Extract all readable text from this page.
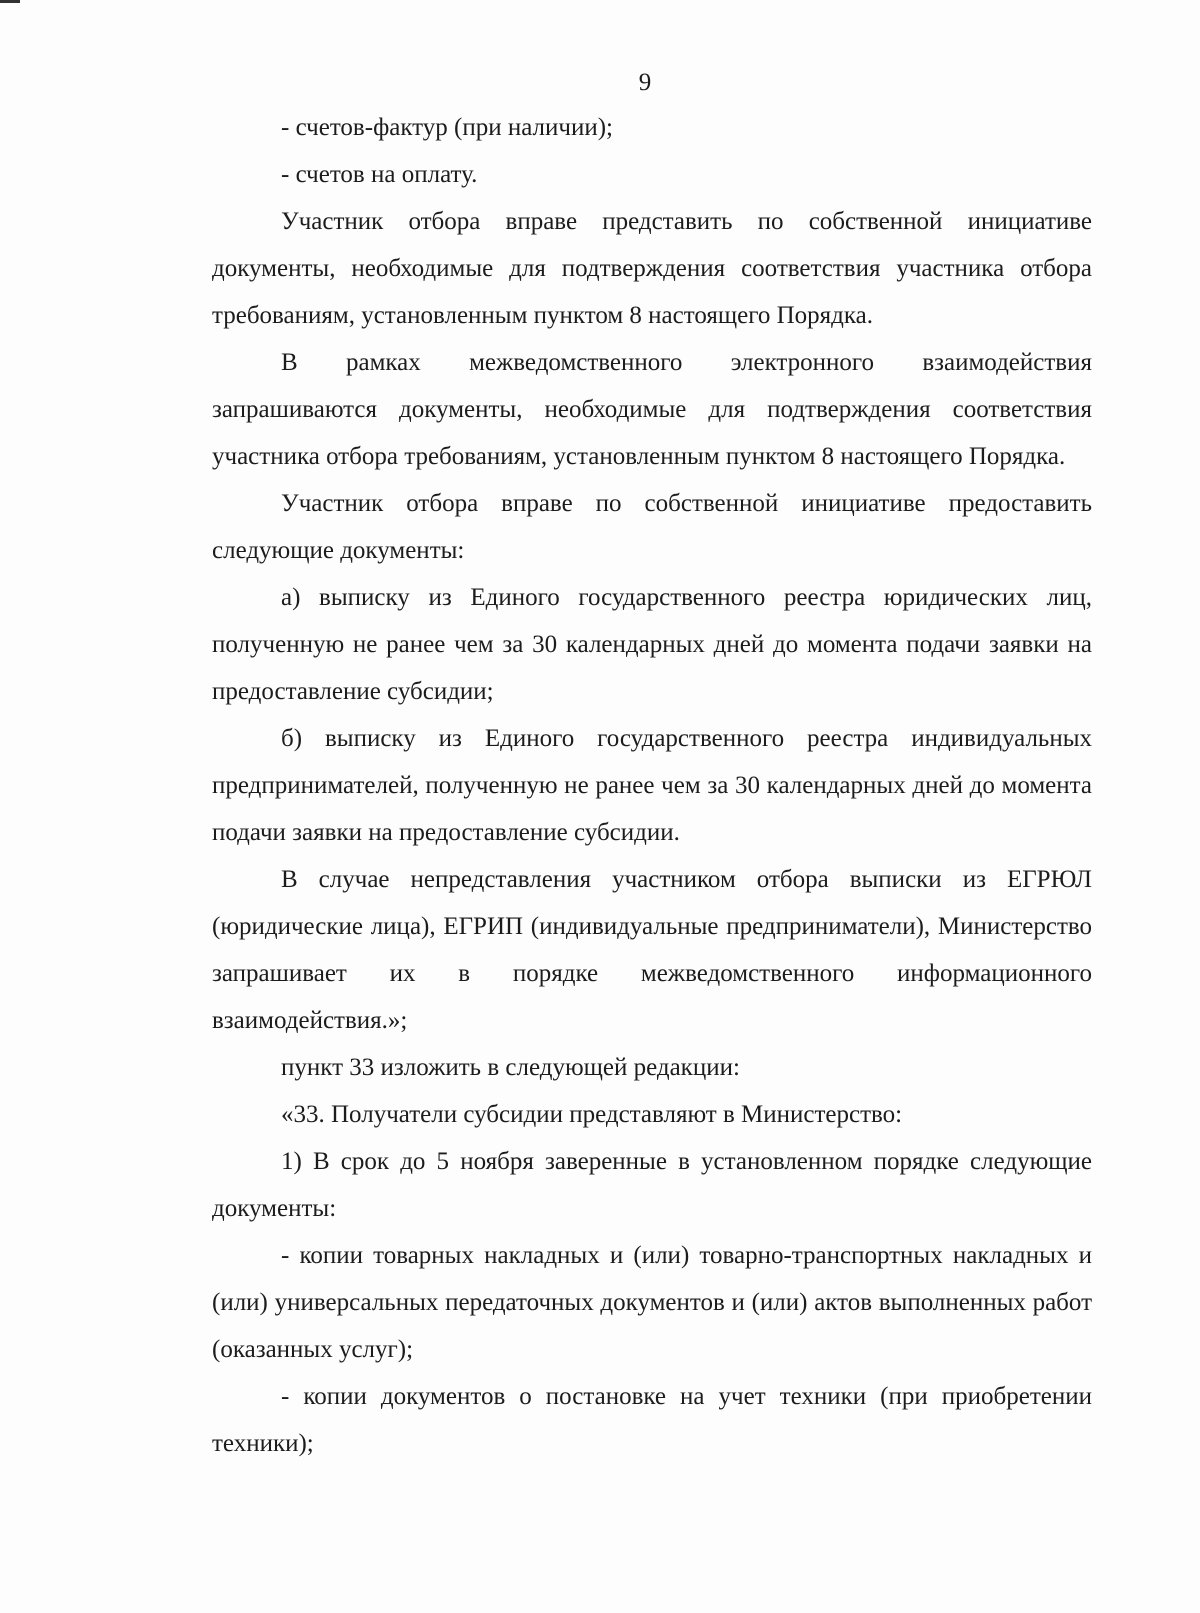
9

- счетов-фактур (при наличии);

- счетов на оплату.

Участник отбора вправе представить по собственной инициативе документы, необходимые для подтверждения соответствия участника отбора требованиям, установленным пунктом 8 настоящего Порядка.

В рамках межведомственного электронного взаимодействия запрашиваются документы, необходимые для подтверждения соответствия участника отбора требованиям, установленным пунктом 8 настоящего Порядка.

Участник отбора вправе по собственной инициативе предоставить следующие документы:

а) выписку из Единого государственного реестра юридических лиц, полученную не ранее чем за 30 календарных дней до момента подачи заявки на предоставление субсидии;

б) выписку из Единого государственного реестра индивидуальных предпринимателей, полученную не ранее чем за 30 календарных дней до момента подачи заявки на предоставление субсидии.

В случае непредставления участником отбора выписки из ЕГРЮЛ (юридические лица), ЕГРИП (индивидуальные предприниматели), Министерство запрашивает их в порядке межведомственного информационного взаимодействия.»;

пункт 33 изложить в следующей редакции:

«33. Получатели субсидии представляют в Министерство:

1) В срок до 5 ноября заверенные в установленном порядке следующие документы:

- копии товарных накладных и (или) товарно-транспортных накладных и (или) универсальных передаточных документов и (или) актов выполненных работ (оказанных услуг);

- копии документов о постановке на учет техники (при приобретении техники);
